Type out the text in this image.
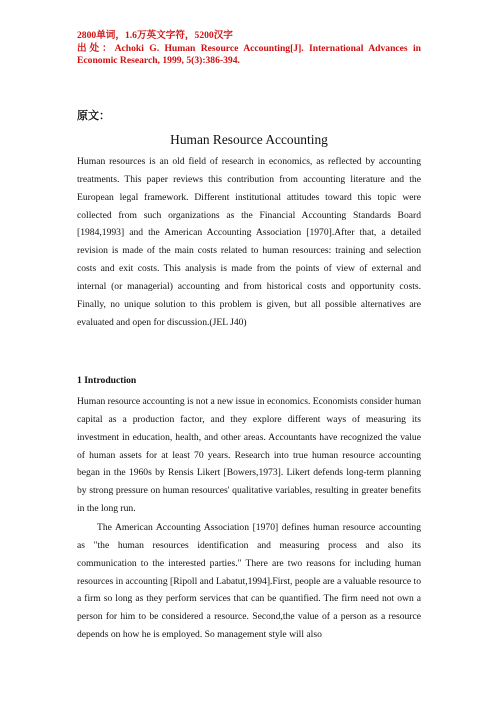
2800单词，1.6万英文字符，5200汉字
出处：Achoki G. Human Resource Accounting[J]. International Advances in Economic Research, 1999, 5(3):386-394.
原文：
Human Resource Accounting

Human resources is an old field of research in economics, as reflected by accounting treatments. This paper reviews this contribution from accounting literature and the European legal framework. Different institutional attitudes toward this topic were collected from such organizations as the Financial Accounting Standards Board [1984,1993] and the American Accounting Association [1970].After that, a detailed revision is made of the main costs related to human resources: training and selection costs and exit costs. This analysis is made from the points of view of external and internal (or managerial) accounting and from historical costs and opportunity costs. Finally, no unique solution to this problem is given, but all possible alternatives are evaluated and open for discussion.(JEL J40)

1 Introduction

Human resource accounting is not a new issue in economics. Economists consider human capital as a production factor, and they explore different ways of measuring its investment in education, health, and other areas. Accountants have recognized the value of human assets for at least 70 years. Research into true human resource accounting began in the 1960s by Rensis Likert [Bowers,1973]. Likert defends long-term planning by strong pressure on human resources' qualitative variables, resulting in greater benefits in the long run.

The American Accounting Association [1970] defines human resource accounting as "the human resources identification and measuring process and also its communication to the interested parties." There are two reasons for including human resources in accounting [Ripoll and Labatut,1994].First, people are a valuable resource to a firm so long as they perform services that can be quantified. The firm need not own a person for him to be considered a resource. Second,the value of a person as a resource depends on how he is employed. So management style will also
